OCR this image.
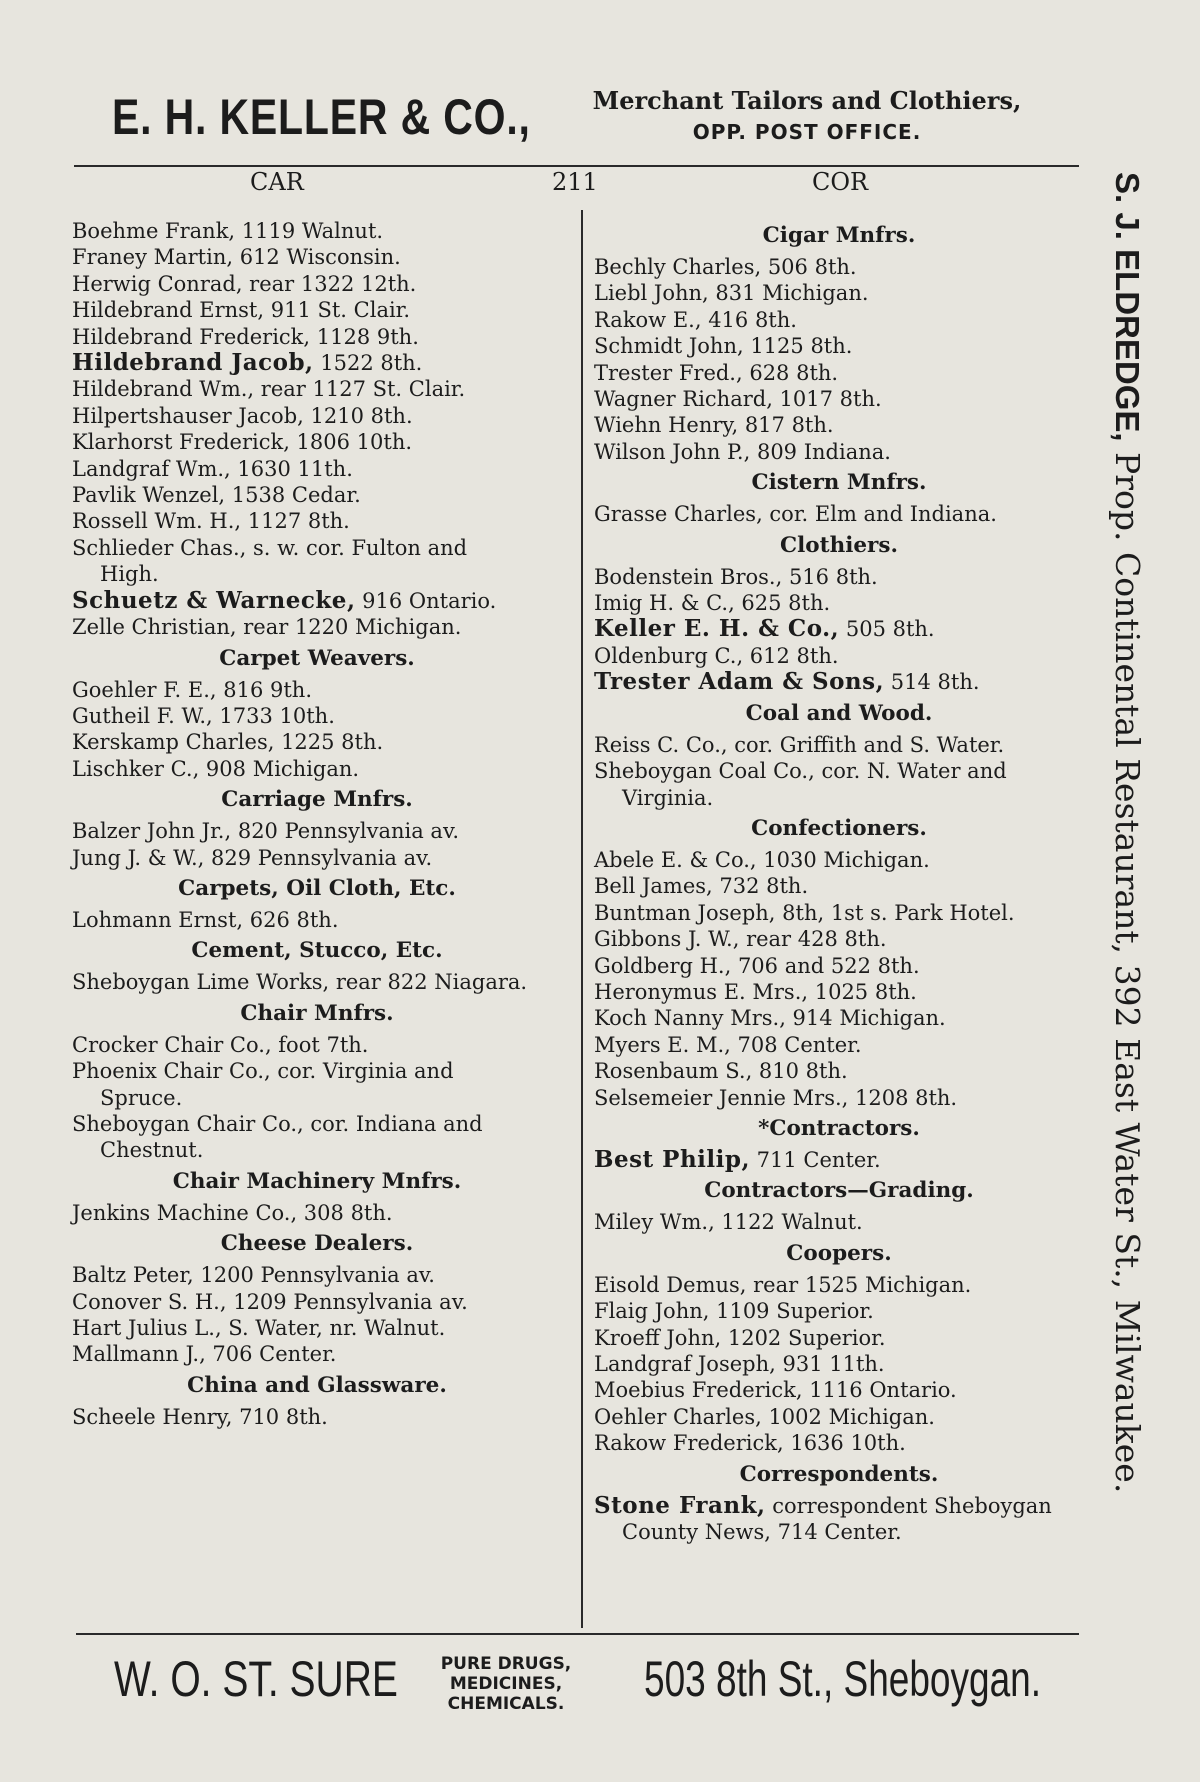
E. H. KELLER & CO.,	Merchant Tailors and Clothiers,
OPP. POST OFFICE.
CAR	211	COR
Boehme Frank, 1119 Walnut.
Franey Martin, 612 Wisconsin.
Herwig Conrad, rear 1322 12th.
Hildebrand Ernst, 911 St. Clair.
Hildebrand Frederick, 1128 9th.
Hildebrand Jacob, 1522 8th.
Hildebrand Wm., rear 1127 St. Clair.
Hilpertshauser Jacob, 1210 8th.
Klarhorst Frederick, 1806 10th.
Landgraf Wm., 1630 11th.
Pavlik Wenzel, 1538 Cedar.
Rossell Wm. H., 1127 8th.
Schlieder Chas., s. w. cor. Fulton and
High.
Schuetz & Warnecke, 916 Ontario.
Zelle Christian, rear 1220 Michigan.
Carpet Weavers.
Goehler F. E., 816 9th.
Gutheil F. W., 1733 10th.
Kerskamp Charles, 1225 8th.
Lischker C., 908 Michigan.
Carriage Mnfrs.
Balzer John Jr., 820 Pennsylvania av.
Jung J. & W., 829 Pennsylvania av.
Carpets, Oil Cloth, Etc.
Lohmann Ernst, 626 8th.
Cement, Stucco, Etc.
Sheboygan Lime Works, rear 822 Niagara.
Chair Mnfrs.
Crocker Chair Co., foot 7th.
Phoenix Chair Co., cor. Virginia and
Spruce.
Sheboygan Chair Co., cor. Indiana and
Chestnut.
Chair Machinery Mnfrs.
Jenkins Machine Co., 308 8th.
Cheese Dealers.
Baltz Peter, 1200 Pennsylvania av.
Conover S. H., 1209 Pennsylvania av.
Hart Julius L., S. Water, nr. Walnut.
Mallmann J., 706 Center.
China and Glassware.
Scheele Henry, 710 8th.
Cigar Mnfrs.
Bechly Charles, 506 8th.
Liebl John, 831 Michigan.
Rakow E., 416 8th.
Schmidt John, 1125 8th.
Trester Fred., 628 8th.
Wagner Richard, 1017 8th.
Wiehn Henry, 817 8th.
Wilson John P., 809 Indiana.
Cistern Mnfrs.
Grasse Charles, cor. Elm and Indiana.
Clothiers.
Bodenstein Bros., 516 8th.
Imig H. & C., 625 8th.
Keller E. H. & Co., 505 8th.
Oldenburg C., 612 8th.
Trester Adam & Sons, 514 8th.
Coal and Wood.
Reiss C. Co., cor. Griffith and S. Water.
Sheboygan Coal Co., cor. N. Water and
Virginia.
Confectioners.
Abele E. & Co., 1030 Michigan.
Bell James, 732 8th.
Buntman Joseph, 8th, 1st s. Park Hotel.
Gibbons J. W., rear 428 8th.
Goldberg H., 706 and 522 8th.
Heronymus E. Mrs., 1025 8th.
Koch Nanny Mrs., 914 Michigan.
Myers E. M., 708 Center.
Rosenbaum S., 810 8th.
Selsemeier Jennie Mrs., 1208 8th.
*Contractors.
Best Philip, 711 Center.
Contractors—Grading.
Miley Wm., 1122 Walnut.
Coopers.
Eisold Demus, rear 1525 Michigan.
Flaig John, 1109 Superior.
Kroeff John, 1202 Superior.
Landgraf Joseph, 931 11th.
Moebius Frederick, 1116 Ontario.
Oehler Charles, 1002 Michigan.
Rakow Frederick, 1636 10th.
Correspondents.
Stone Frank, correspondent Sheboygan County News, 714 Center.
S. J. ELDREDGE, Prop. Continental Restaurant, 392 East Water St., Milwaukee.
W. O. ST. SURE	PURE DRUGS,
MEDICINES,
CHEMICALS.	503 8th St., Sheboygan.
